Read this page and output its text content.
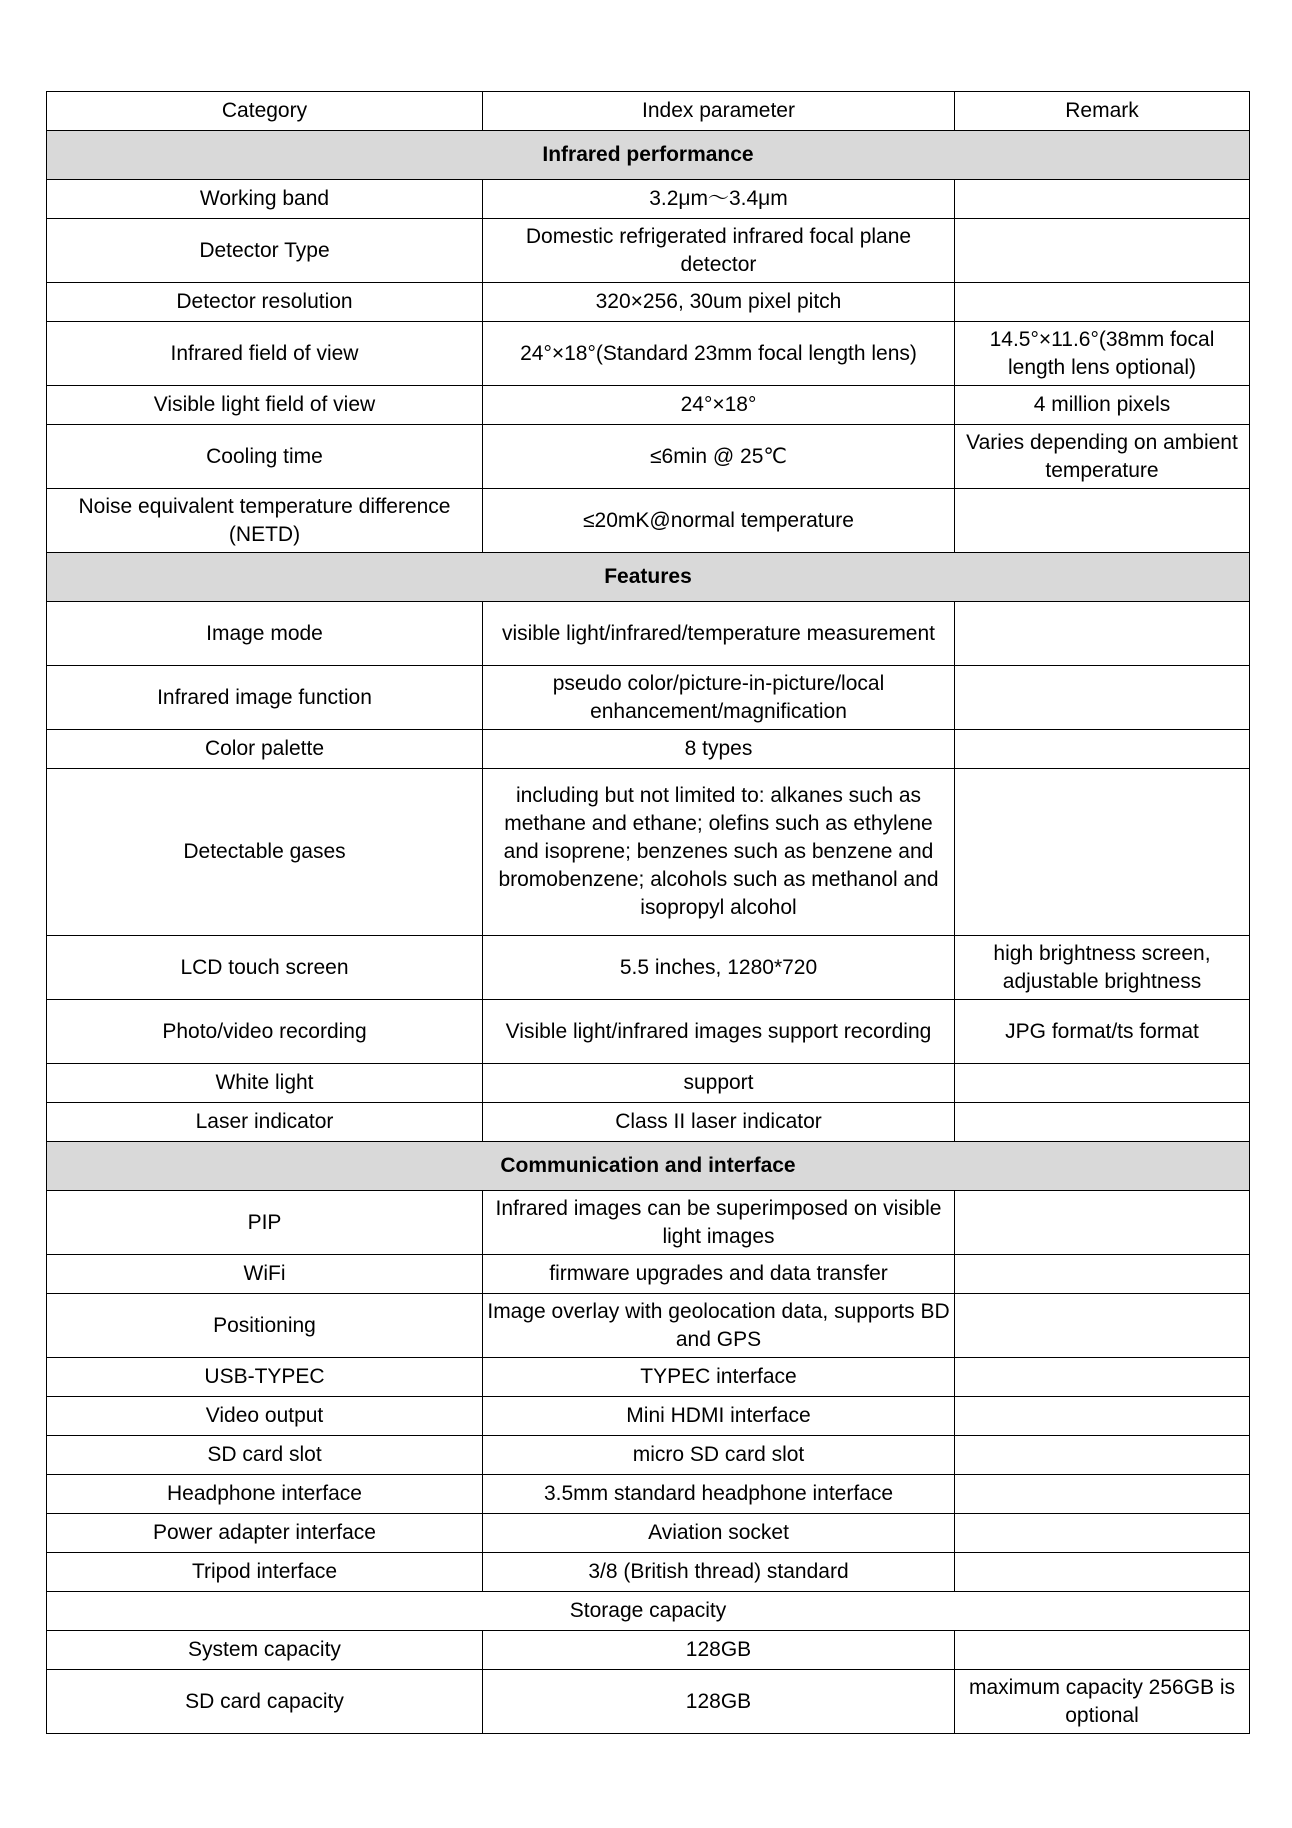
Category	Index parameter	Remark
Infrared performance		
Working band	3.2μm～3.4μm	
Detector Type	Domestic refrigerated infrared focal plane detector	
Detector resolution	320×256, 30um pixel pitch	
Infrared field of view	24°×18°(Standard 23mm focal length lens)	14.5°×11.6°(38mm focal length lens optional)
Visible light field of view	24°×18°	4 million pixels
Cooling time	≤6min @ 25℃	Varies depending on ambient temperature
Noise equivalent temperature difference (NETD)	≤20mK@normal temperature	
Features		
Image mode	visible light/infrared/temperature measurement	
Infrared image function	pseudo color/picture-in-picture/local enhancement/magnification	
Color palette	8 types	
Detectable gases	including but not limited to: alkanes such as methane and ethane; olefins such as ethylene and isoprene; benzenes such as benzene and bromobenzene; alcohols such as methanol and isopropyl alcohol	
LCD touch screen	5.5 inches, 1280*720	high brightness screen, adjustable brightness
Photo/video recording	Visible light/infrared images support recording	JPG format/ts format
White light	support	
Laser indicator	Class II laser indicator	
Communication and interface		
PIP	Infrared images can be superimposed on visible light images	
WiFi	firmware upgrades and data transfer	
Positioning	Image overlay with geolocation data, supports BD and GPS	
USB-TYPEC	TYPEC interface	
Video output	Mini HDMI interface	
SD card slot	micro SD card slot	
Headphone interface	3.5mm standard headphone interface	
Power adapter interface	Aviation socket	
Tripod interface	3/8 (British thread) standard	
Storage capacity		
System capacity	128GB	
SD card capacity	128GB	maximum capacity 256GB is optional
